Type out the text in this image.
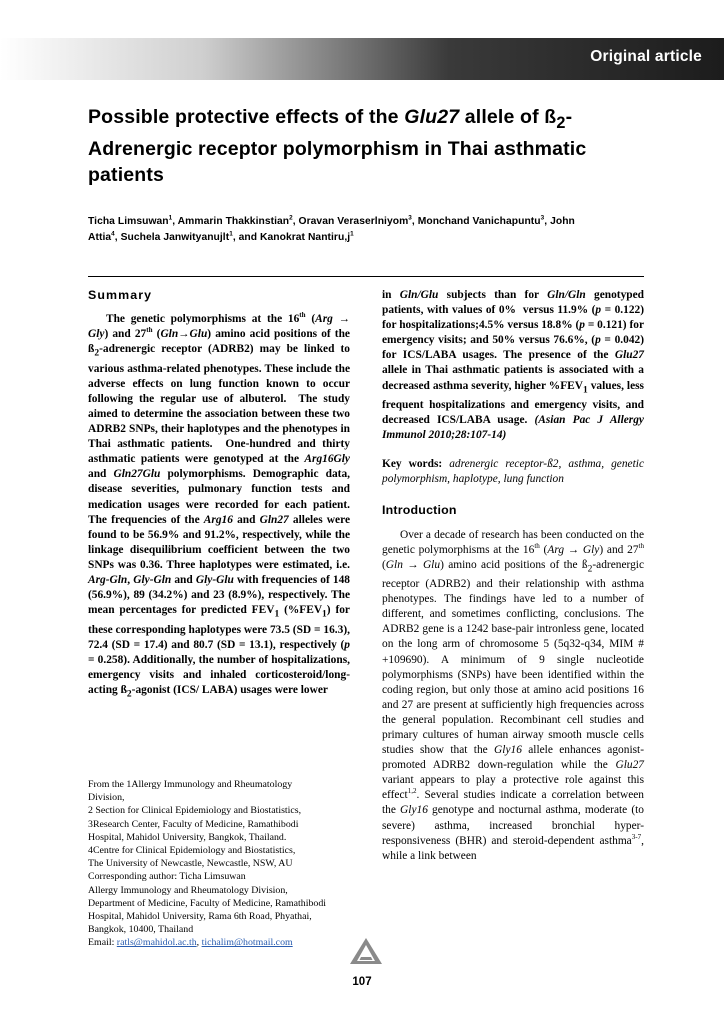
Original article
Possible protective effects of the Glu27 allele of $ß_2$-Adrenergic receptor polymorphism in Thai asthmatic patients
Ticha Limsuwan$^1$, Ammarin Thakkinstian$^2$, Oravan Veraserlniyom$^3$, Monchand Vanichapuntu$^3$, John
Attia$^4$, Suchela Janwityanujlt$^1$, and Kanokrat $Nantiru,j^1$
Summary

The genetic polymorphisms at the 16th (Arg → Gly) and 27th (Gln→Glu) amino acid positions of the $ß_2$-adrenergic receptor (ADRB2) may be linked to various asthma-related phenotypes. These include the adverse effects on lung function known to occur following the regular use of albuterol.  The study aimed to determine the association between these two ADRB2 SNPs, their haplotypes and the phenotypes in Thai asthmatic patients.  One-hundred and thirty asthmatic patients were genotyped at the Arg16Gly and Gln27Glu polymorphisms. Demographic data, disease severities, pulmonary function tests and medication usages were recorded for each patient. The frequencies of the Arg16 and Gln27 alleles were found to be 56.9% and 91.2%, respectively, while the linkage disequilibrium coefficient between the two SNPs was 0.36. Three haplotypes were estimated, i.e. Arg-Gln, Gly-Gln and Gly-Glu with frequencies of 148 (56.9%), 89 (34.2%) and 23 (8.9%), respectively. The mean percentages for predicted $FEV_1$ $(\%FEV_1)$ for these corresponding haplotypes were 73.5 (SD = 16.3), 72.4 (SD = 17.4) and 80.7 (SD = 13.1), respectively (p = 0.258). Additionally, the number of hospitalizations, emergency visits and inhaled corticosteroid/long-acting $ß_2$-agonist (ICS/ LABA) usages were lower

in Gln/Glu subjects than for Gln/Gln genotyped patients, with values of 0%  versus 11.9% (p = 0.122) for hospitalizations;4.5% versus 18.8% (p = 0.121) for emergency visits; and 50% versus 76.6%, (p = 0.042) for ICS/LABA usages. The presence of the Glu27 allele in Thai asthmatic patients is associated with a decreased asthma severity, higher $\%FEV_1$ values, less frequent hospitalizations and emergency visits, and decreased ICS/LABA usage. (Asian Pac J Allergy Immunol 2010;28:107-14)

Key words: adrenergic receptor-ß2, asthma, genetic polymorphism, haplotype, lung function
Introduction

Over a decade of research has been conducted on the genetic polymorphisms at the 16th (Arg → Gly) and 27th (Gln → Glu) amino acid positions of the $ß_2$-adrenergic receptor (ADRB2) and their relationship with asthma phenotypes. The findings have led to a number of different, and sometimes conflicting, conclusions. The ADRB2 gene is a 1242 base-pair intronless gene, located on the long arm of chromosome 5 (5q32-q34, MIM # +109690). A minimum of 9 single nucleotide polymorphisms (SNPs) have been identified within the coding region, but only those at amino acid positions 16 and 27 are present at sufficiently high frequencies across the general population. Recombinant cell studies and primary cultures of human airway smooth muscle cells studies show that the Gly16 allele enhances agonist-promoted ADRB2 down-regulation while the Glu27 variant appears to play a protective role against this effect$^{1,2}$. Several studies indicate a correlation between the Gly16 genotype and nocturnal asthma, moderate (to severe) asthma, increased bronchial hyper-responsiveness (BHR) and steroid-dependent asthma$^{3-7}$, while a link between

From the 1Allergy Immunology and Rheumatology
Division,
2 Section for Clinical Epidemiology and Biostatistics,
3Research Center, Faculty of Medicine, Ramathibodi
Hospital, Mahidol University, Bangkok, Thailand.
4Centre for Clinical Epidemiology and Biostatistics,
The University of Newcastle, Newcastle, NSW, AU
Corresponding author: Ticha Limsuwan
Allergy Immunology and Rheumatology Division,
Department of Medicine, Faculty of Medicine, Ramathibodi
Hospital, Mahidol University, Rama 6th Road, Phyathai,
Bangkok, 10400, Thailand
Email: ratls@mahidol.ac.th, tichalim@hotmail.com
107
